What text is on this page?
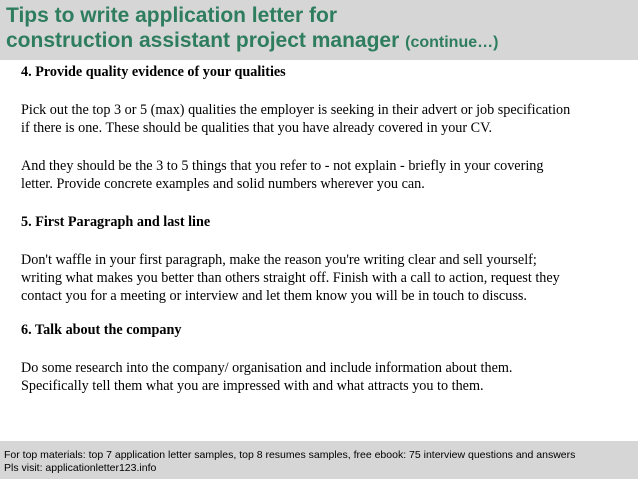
Tips to write application letter for
construction assistant project manager (continue…)
4. Provide quality evidence of your qualities

Pick out the top 3 or 5 (max) qualities the employer is seeking in their advert or job specification

if there is one. These should be qualities that you have already covered in your CV.

And they should be the 3 to 5 things that you refer to - not explain - briefly in your covering

letter. Provide concrete examples and solid numbers wherever you can.

5. First Paragraph and last line

Don't waffle in your first paragraph, make the reason you're writing clear and sell yourself;

writing what makes you better than others straight off. Finish with a call to action, request they

contact you for a meeting or interview and let them know you will be in touch to discuss.

6. Talk about the company

Do some research into the company/ organisation and include information about them.

Specifically tell them what you are impressed with and what attracts you to them.

For top materials: top 7 application letter samples, top 8 resumes samples, free ebook: 75 interview questions and answers
Pls visit: applicationletter123.info
